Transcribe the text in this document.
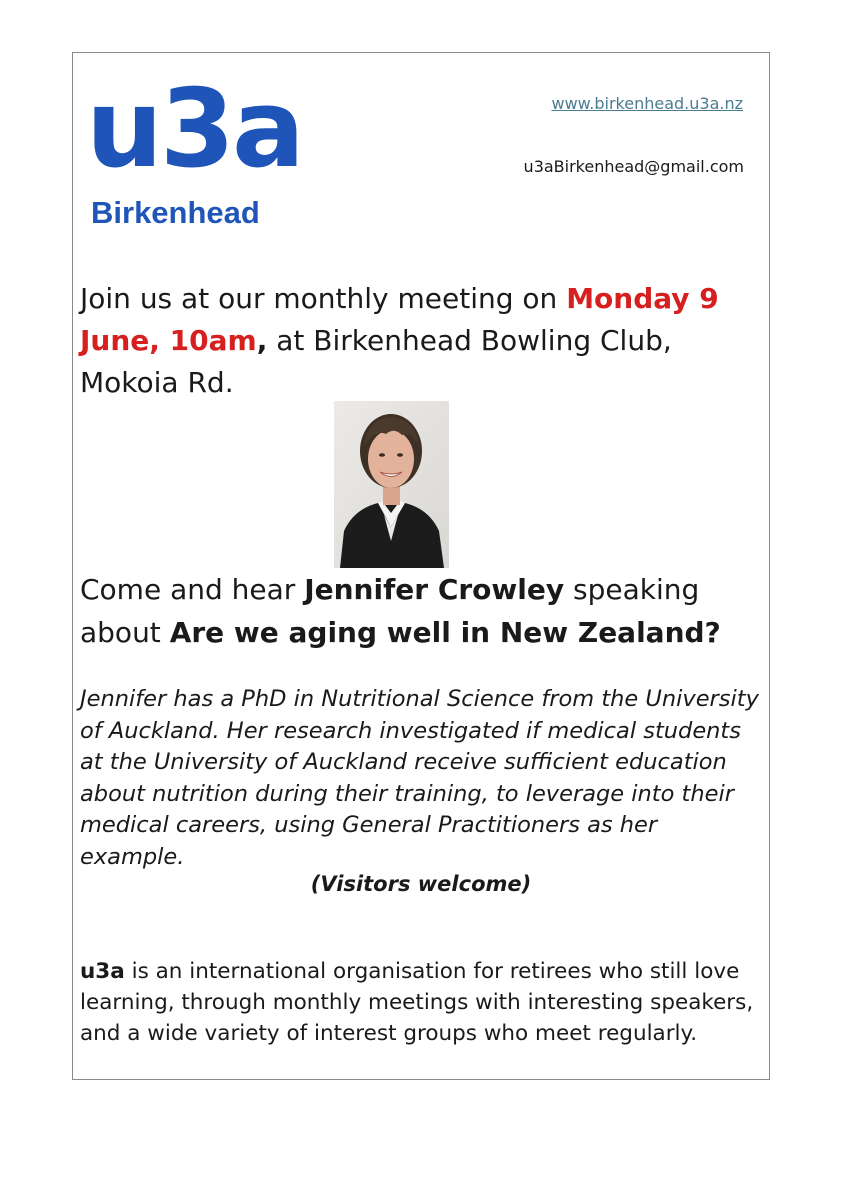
u3a
Birkenhead
www.birkenhead.u3a.nz
u3aBirkenhead@gmail.com

Join us at our monthly meeting on Monday 9 June, 10am, at Birkenhead Bowling Club, Mokoia Rd.

Come and hear Jennifer Crowley speaking about Are we aging well in New Zealand?

Jennifer has a PhD in Nutritional Science from the University of Auckland. Her research investigated if medical students at the University of Auckland receive sufficient education about nutrition during their training, to leverage into their medical careers, using General Practitioners as her example.

(Visitors welcome)

u3a is an international organisation for retirees who still love learning, through monthly meetings with interesting speakers, and a wide variety of interest groups who meet regularly.
